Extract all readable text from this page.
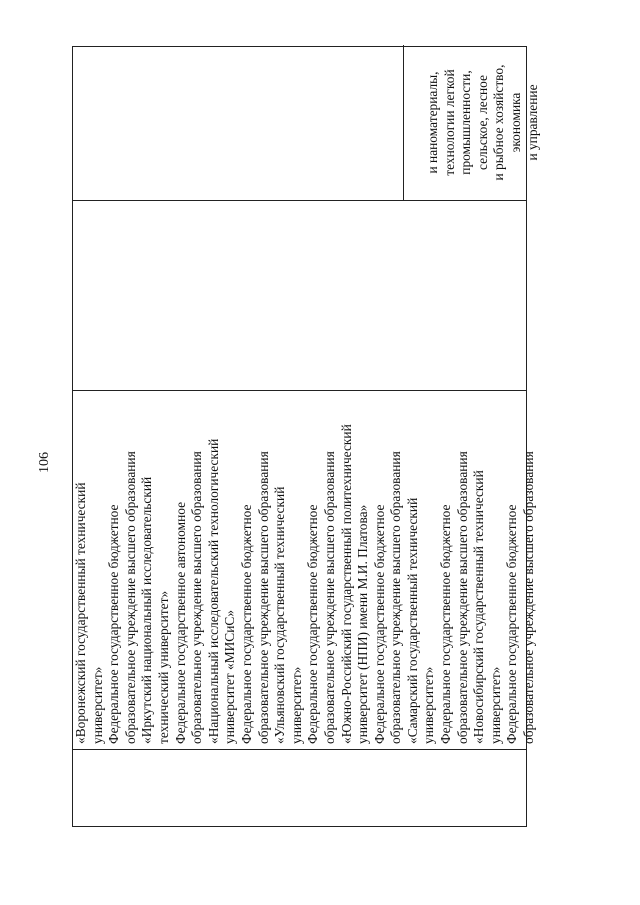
106
«Воронежский государственный технический университет» Федеральное государственное бюджетное образовательное учреждение высшего образования «Иркутский национальный исследовательский технический университет» Федеральное государственное автономное образовательное учреждение высшего образования «Национальный исследовательский технологический университет «МИСиС» Федеральное государственное бюджетное образовательное учреждение высшего образования «Ульяновский государственный технический университет» Федеральное государственное бюджетное образовательное учреждение высшего образования «Южно-Российский государственный политехнический университет (НПИ) имени М.И. Платова» Федеральное государственное бюджетное образовательное учреждение высшего образования «Самарский государственный технический университет» Федеральное государственное бюджетное образовательное учреждение высшего образования «Новосибирский государственный технический университет» Федеральное государственное бюджетное образовательное учреждение высшего образования
и наноматериалы, технологии легкой промышленности, сельское, лесное и рыбное хозяйство, экономика и управление
